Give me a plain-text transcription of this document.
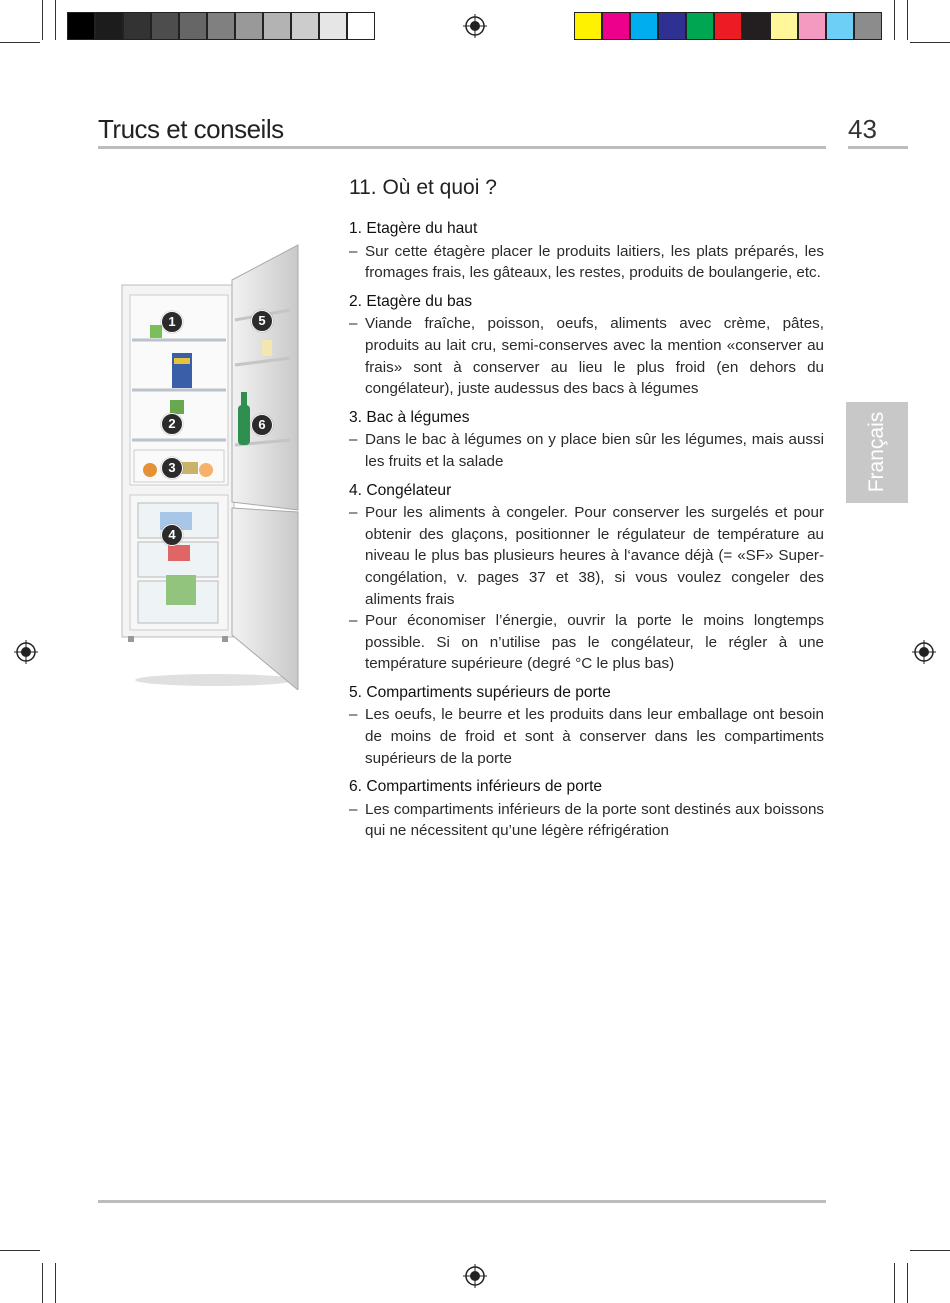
Trucs et conseils	43
Français
1
2
3
4
5
6
11. Où et quoi ?
1. Etagère du haut
– Sur cette étagère placer le produits laitiers, les plats préparés, les fromages frais, les gâteaux, les restes, produits de boulangerie, etc.
2. Etagère du bas
– Viande fraîche, poisson, oeufs, aliments avec crème, pâtes, produits au lait cru, semi-conserves avec la mention «conserver au frais» sont à conserver au lieu le plus froid (en dehors du congélateur), juste audessus des bacs à légumes
3. Bac à légumes
– Dans le bac à légumes on y place bien sûr les légumes, mais aussi les fruits et la salade
4. Congélateur
– Pour les aliments à congeler. Pour conserver les surgelés et pour obtenir des glaçons, positionner le régulateur de température au niveau le plus bas plusieurs heures à l‘avance déjà (= «SF» Super-congélation, v. pages 37 et 38), si vous voulez congeler des aliments frais
– Pour économiser l’énergie, ouvrir la porte le moins longtemps possible. Si on n’utilise pas le congélateur, le régler à une température supérieure (degré °C le plus bas)
5. Compartiments supérieurs de porte
– Les oeufs, le beurre et les produits dans leur emballage ont besoin de moins de froid et sont à conserver dans les compartiments supérieurs de la porte
6. Compartiments inférieurs de porte
– Les compartiments inférieurs de la porte sont destinés aux boissons qui ne nécessitent qu’une légère réfrigération
